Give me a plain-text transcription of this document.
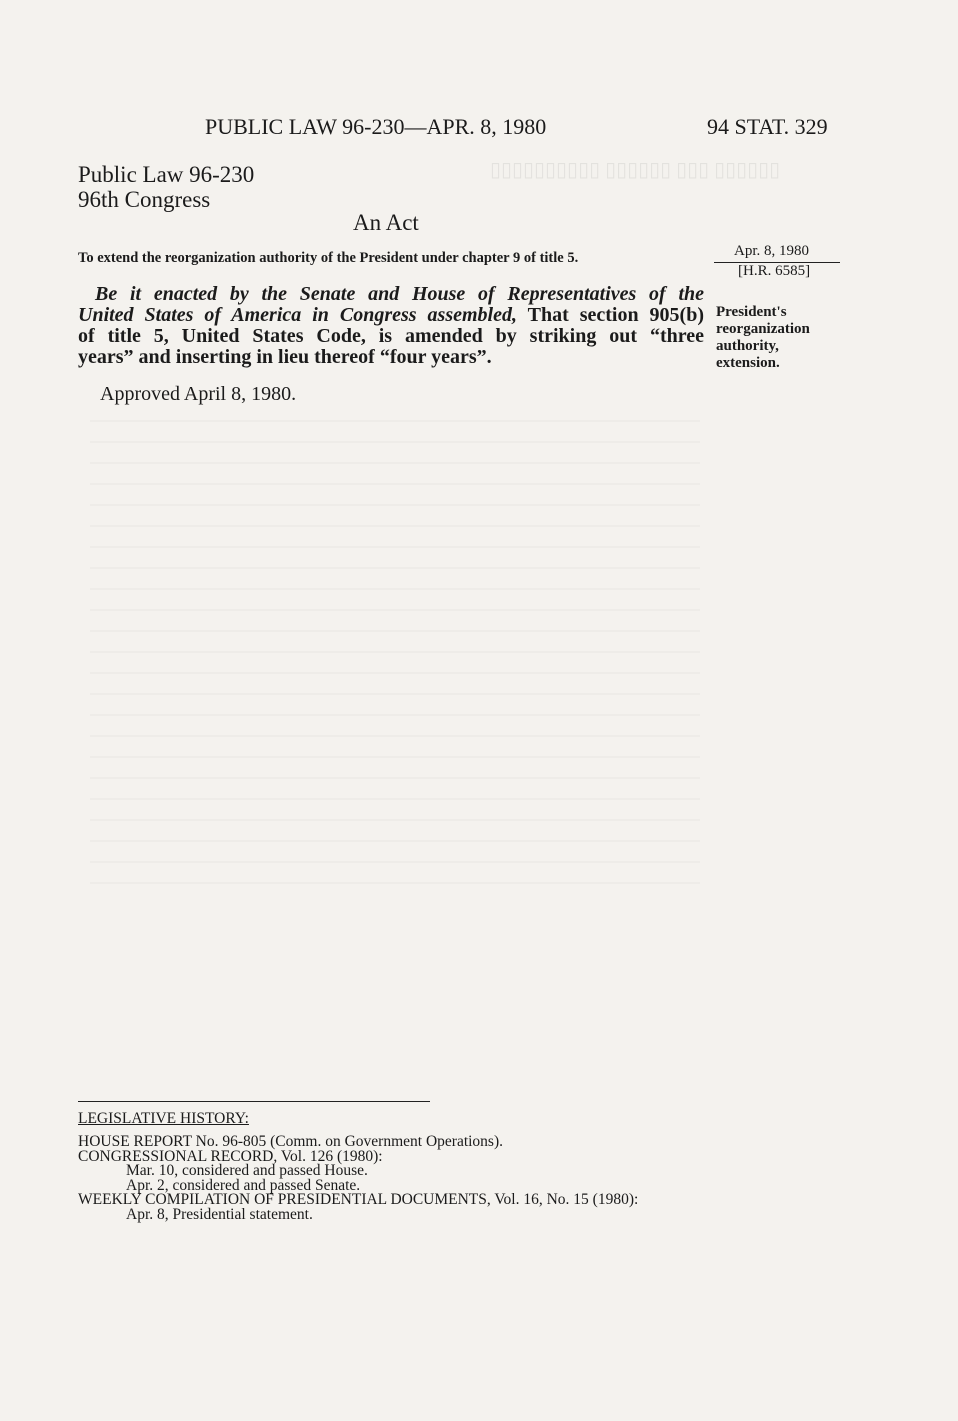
▯▯▯▯▯▯ ▯▯▯ ▯▯▯▯▯▯ ▯▯▯▯▯▯▯▯▯▯
PUBLIC LAW 96-230—APR. 8, 1980	94 STAT. 329
Public Law 96-230
96th Congress
An Act
To extend the reorganization authority of the President under chapter 9 of title 5.	Apr. 8, 1980
[H.R. 6585]
President's reorganization authority, extension.
Be it enacted by the Senate and House of Representatives of the
United States of America in Congress assembled, That section 905(b)
of title 5, United States Code, is amended by striking out “three
years” and inserting in lieu thereof “four years”.
Approved April 8, 1980.
LEGISLATIVE HISTORY:
HOUSE REPORT No. 96-805 (Comm. on Government Operations).
CONGRESSIONAL RECORD, Vol. 126 (1980):
Mar. 10, considered and passed House.
Apr. 2, considered and passed Senate.
WEEKLY COMPILATION OF PRESIDENTIAL DOCUMENTS, Vol. 16, No. 15 (1980):
Apr. 8, Presidential statement.
